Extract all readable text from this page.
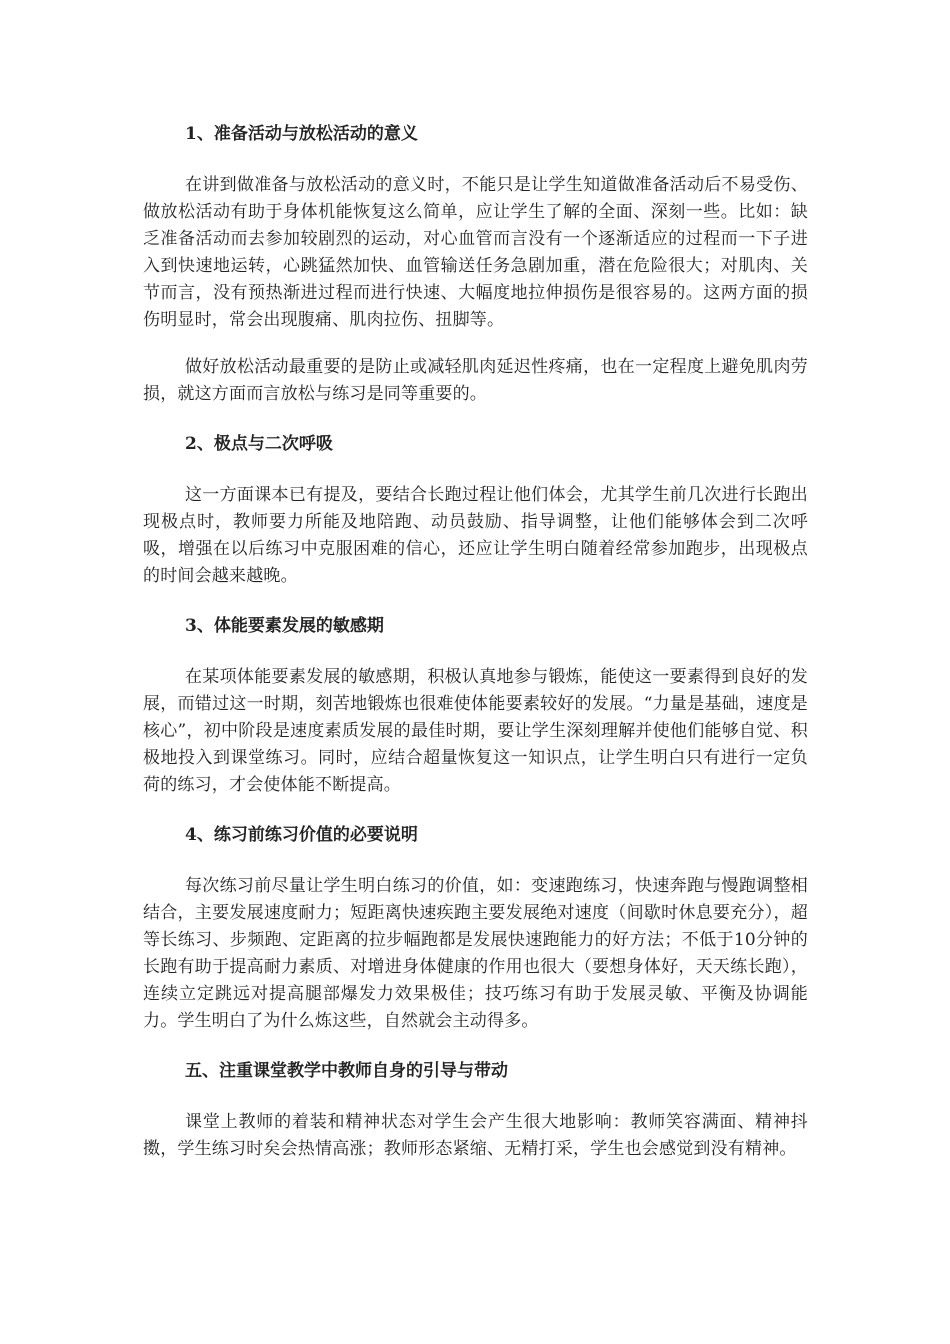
1、准备活动与放松活动的意义

在讲到做准备与放松活动的意义时，不能只是让学生知道做准备活动后不易受伤、做放松活动有助于身体机能恢复这么简单，应让学生了解的全面、深刻一些。比如：缺乏准备活动而去参加较剧烈的运动，对心血管而言没有一个逐渐适应的过程而一下子进入到快速地运转，心跳猛然加快、血管输送任务急剧加重，潜在危险很大；对肌肉、关节而言，没有预热渐进过程而进行快速、大幅度地拉伸损伤是很容易的。这两方面的损伤明显时，常会出现腹痛、肌肉拉伤、扭脚等。

做好放松活动最重要的是防止或减轻肌肉延迟性疼痛，也在一定程度上避免肌肉劳损，就这方面而言放松与练习是同等重要的。

2、极点与二次呼吸

这一方面课本已有提及，要结合长跑过程让他们体会，尤其学生前几次进行长跑出现极点时，教师要力所能及地陪跑、动员鼓励、指导调整，让他们能够体会到二次呼吸，增强在以后练习中克服困难的信心，还应让学生明白随着经常参加跑步，出现极点的时间会越来越晚。

3、体能要素发展的敏感期

在某项体能要素发展的敏感期，积极认真地参与锻炼，能使这一要素得到良好的发展，而错过这一时期，刻苦地锻炼也很难使体能要素较好的发展。“力量是基础，速度是核心”，初中阶段是速度素质发展的最佳时期，要让学生深刻理解并使他们能够自觉、积极地投入到课堂练习。同时，应结合超量恢复这一知识点，让学生明白只有进行一定负荷的练习，才会使体能不断提高。

4、练习前练习价值的必要说明

每次练习前尽量让学生明白练习的价值，如：变速跑练习，快速奔跑与慢跑调整相结合，主要发展速度耐力；短距离快速疾跑主要发展绝对速度（间歇时休息要充分），超等长练习、步频跑、定距离的拉步幅跑都是发展快速跑能力的好方法；不低于10分钟的长跑有助于提高耐力素质、对增进身体健康的作用也很大（要想身体好，天天练长跑），连续立定跳远对提高腿部爆发力效果极佳；技巧练习有助于发展灵敏、平衡及协调能力。学生明白了为什么炼这些，自然就会主动得多。

五、注重课堂教学中教师自身的引导与带动

课堂上教师的着装和精神状态对学生会产生很大地影响：教师笑容满面、精神抖擞，学生练习时矣会热情高涨；教师形态紧缩、无精打采，学生也会感觉到没有精神。
